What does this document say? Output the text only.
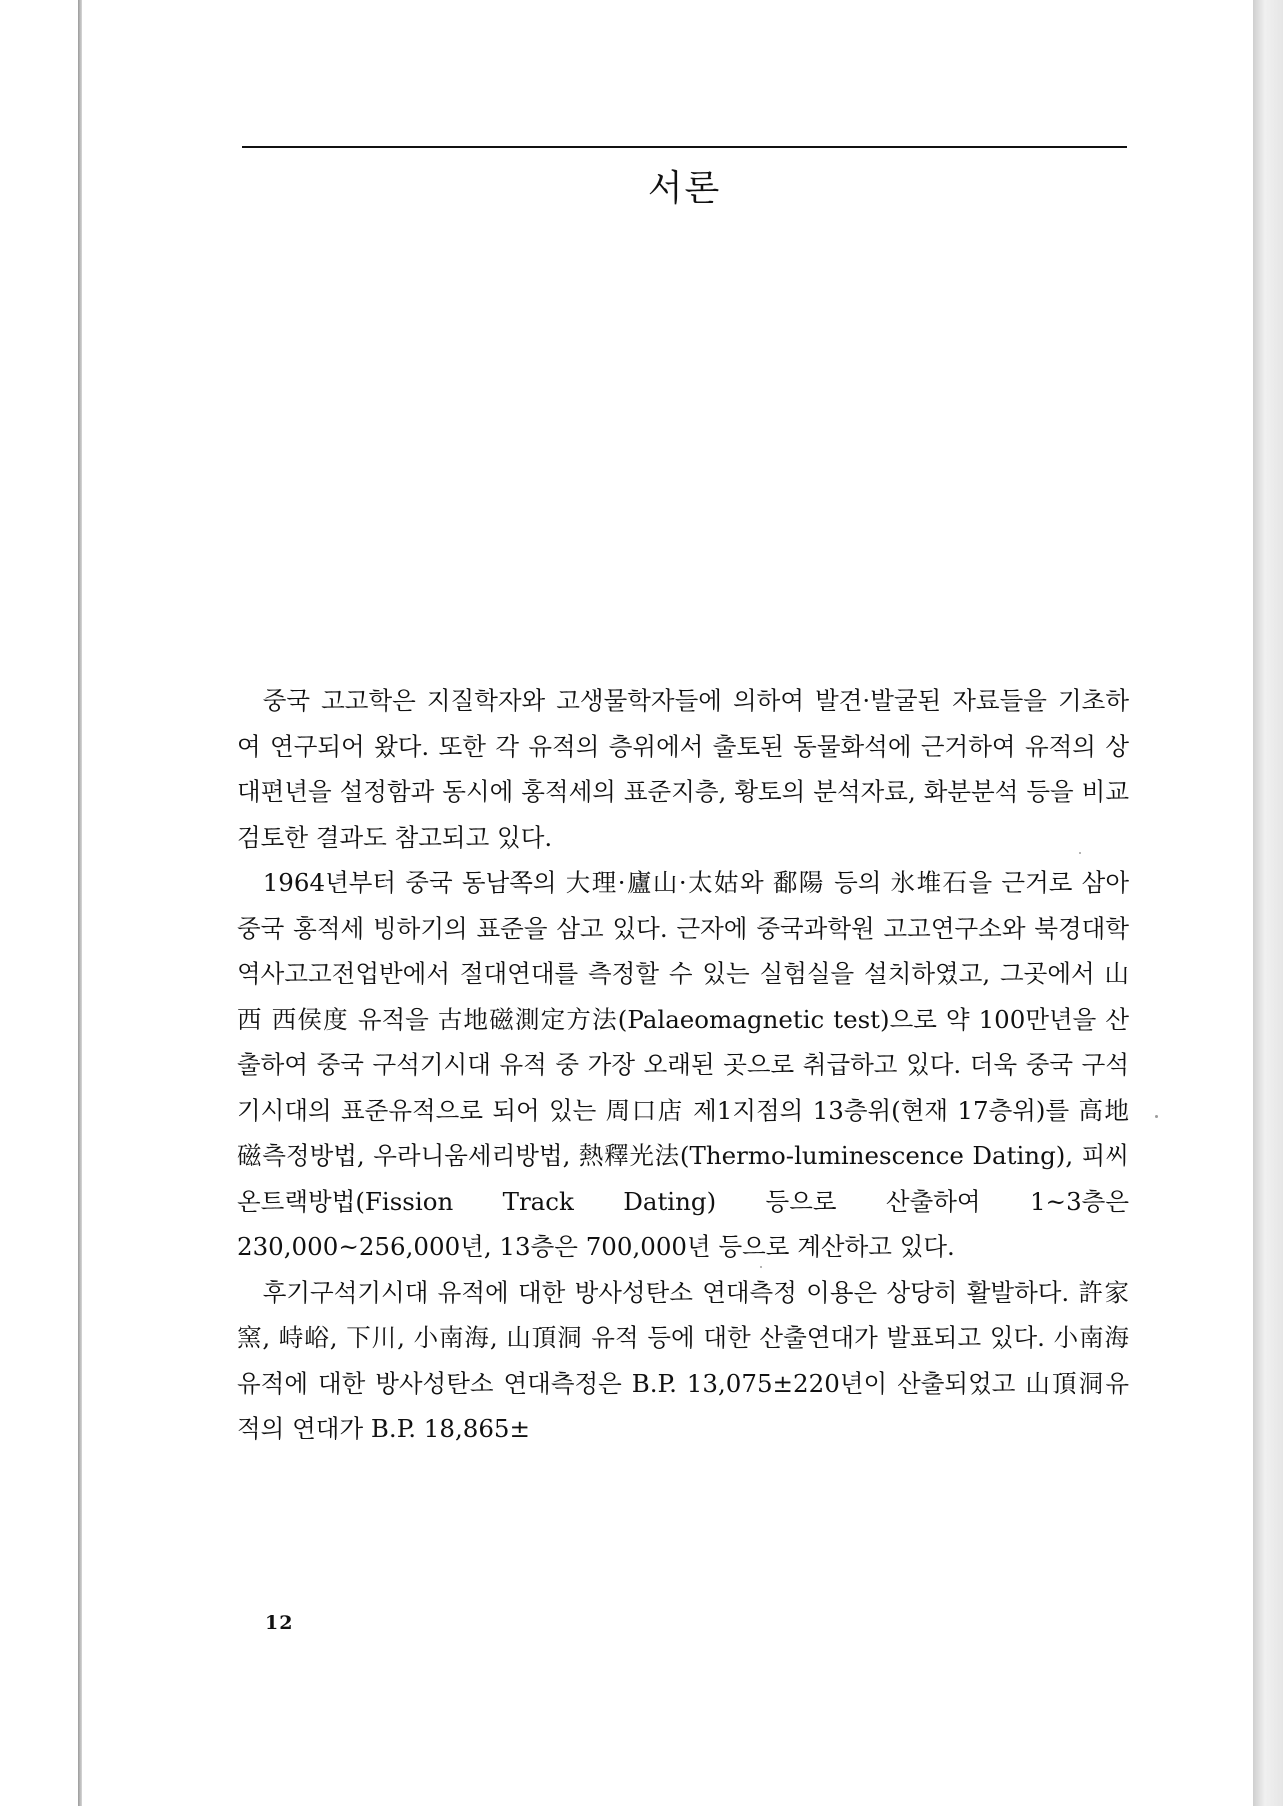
서론

중국 고고학은 지질학자와 고생물학자들에 의하여 발견·발굴된 자료들을 기초하여 연구되어 왔다. 또한 각 유적의 층위에서 출토된 동물화석에 근거하여 유적의 상대편년을 설정함과 동시에 홍적세의 표준지층, 황토의 분석자료, 화분분석 등을 비교 검토한 결과도 참고되고 있다.

1964년부터 중국 동남쪽의 大理·廬山·太姑와 鄱陽 등의 氷堆石을 근거로 삼아 중국 홍적세 빙하기의 표준을 삼고 있다. 근자에 중국과학원 고고연구소와 북경대학 역사고고전업반에서 절대연대를 측정할 수 있는 실험실을 설치하였고, 그곳에서 山西 西侯度 유적을 古地磁測定方法(Palaeomagnetic test)으로 약 100만년을 산출하여 중국 구석기시대 유적 중 가장 오래된 곳으로 취급하고 있다. 더욱 중국 구석기시대의 표준유적으로 되어 있는 周口店 제1지점의 13층위(현재 17층위)를 高地磁측정방법, 우라니움세리방법, 熱釋光法(Thermo-luminescence Dating), 피씨온트랙방법(Fission Track Dating) 등으로 산출하여 1~3층은 230,000~256,000년, 13층은 700,000년 등으로 계산하고 있다.

후기구석기시대 유적에 대한 방사성탄소 연대측정 이용은 상당히 활발하다. 許家窯, 峙峪, 下川, 小南海, 山頂洞 유적 등에 대한 산출연대가 발표되고 있다. 小南海 유적에 대한 방사성탄소 연대측정은 B.P. 13,075±220년이 산출되었고 山頂洞유적의 연대가 B.P. 18,865±

12
